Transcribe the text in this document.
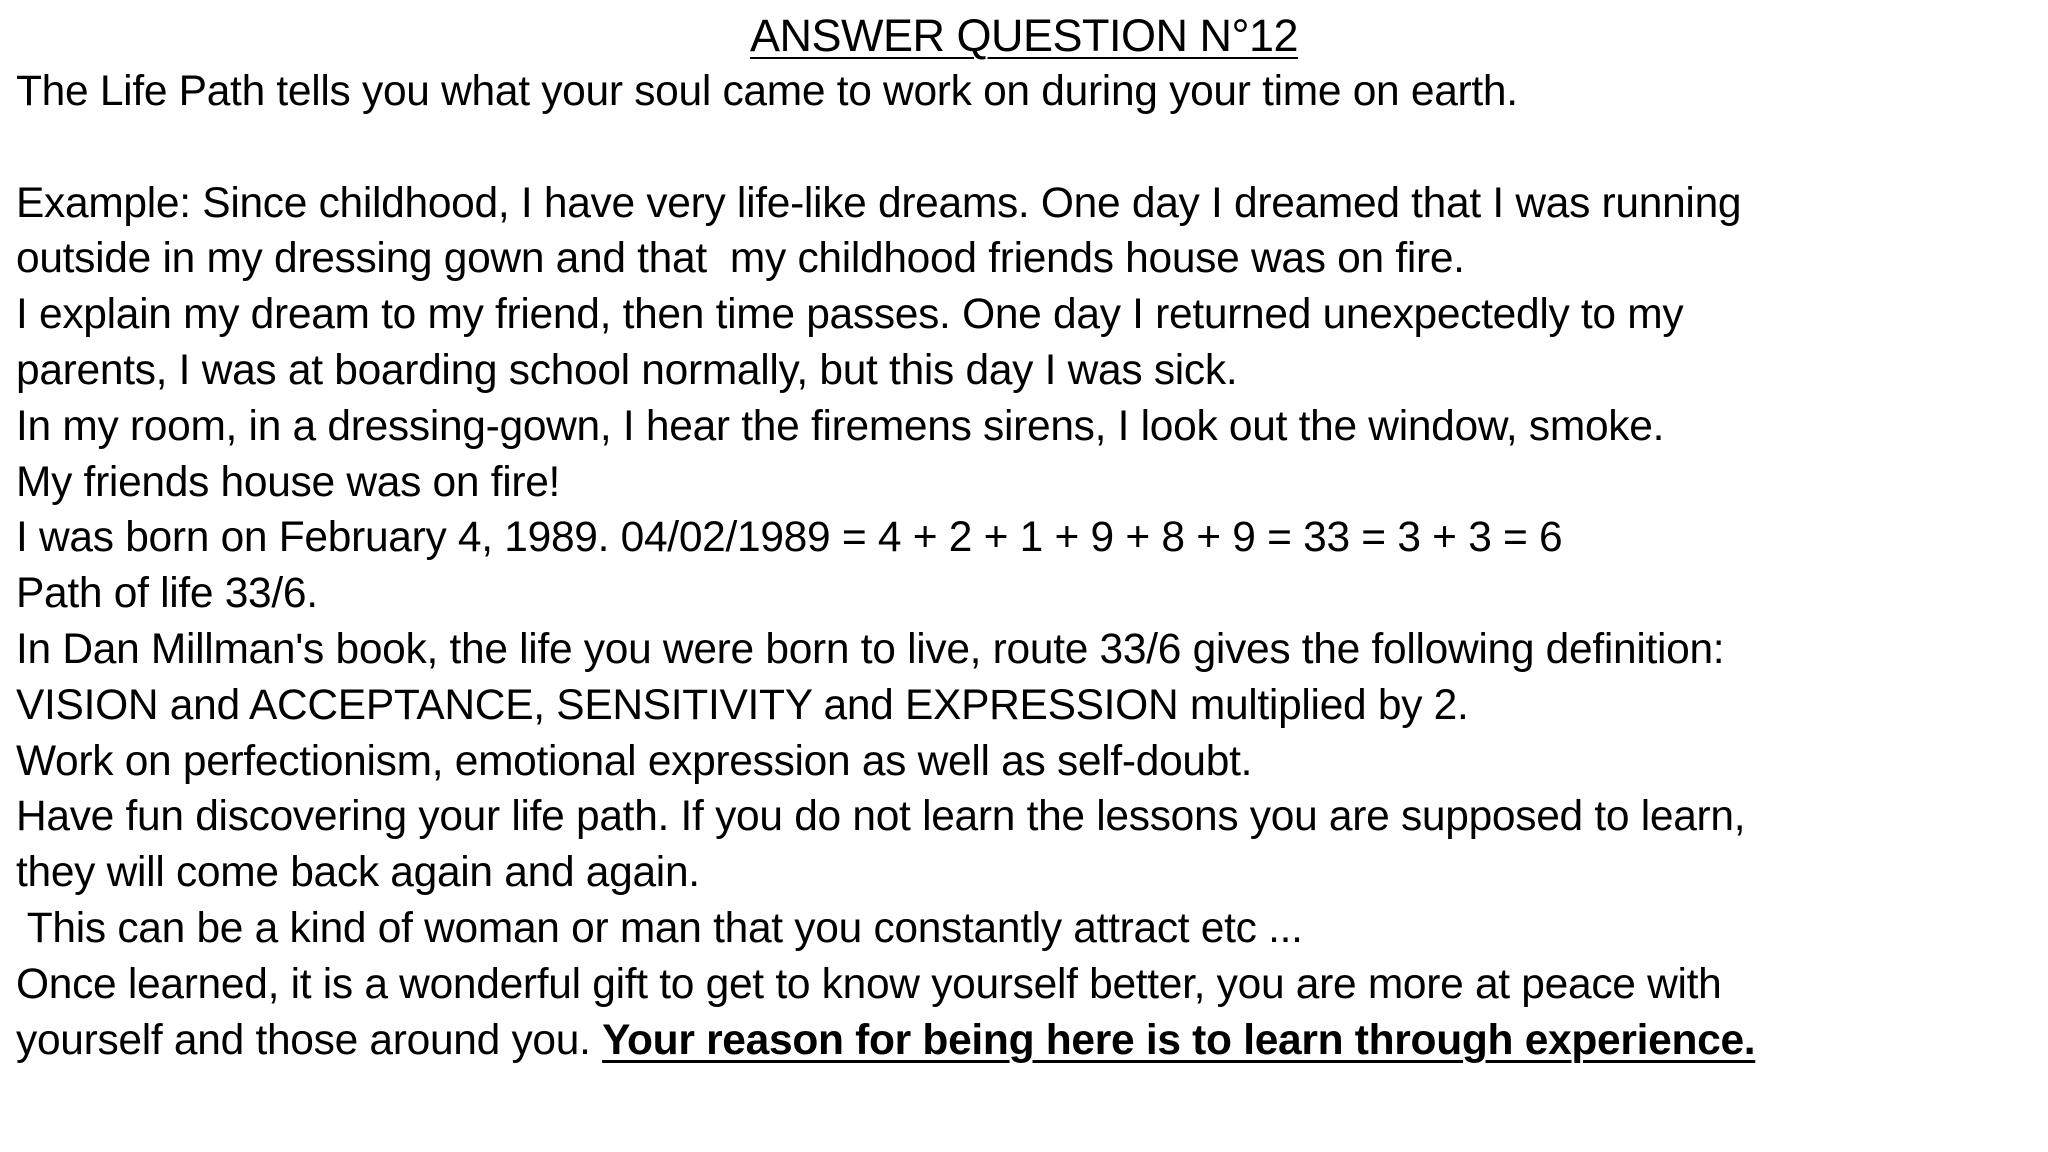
ANSWER QUESTION N°12
The Life Path tells you what your soul came to work on during your time on earth.
Example: Since childhood, I have very life-like dreams. One day I dreamed that I was running
outside in my dressing gown and that  my childhood friends house was on fire.
I explain my dream to my friend, then time passes. One day I returned unexpectedly to my
parents, I was at boarding school normally, but this day I was sick.
In my room, in a dressing-gown, I hear the firemens sirens, I look out the window, smoke.
My friends house was on fire!
I was born on February 4, 1989. 04/02/1989 = 4 + 2 + 1 + 9 + 8 + 9 = 33 = 3 + 3 = 6
Path of life 33/6.
In Dan Millman's book, the life you were born to live, route 33/6 gives the following definition:
VISION and ACCEPTANCE, SENSITIVITY and EXPRESSION multiplied by 2.
Work on perfectionism, emotional expression as well as self-doubt.
Have fun discovering your life path. If you do not learn the lessons you are supposed to learn,
they will come back again and again.
This can be a kind of woman or man that you constantly attract etc ...
Once learned, it is a wonderful gift to get to know yourself better, you are more at peace with
yourself and those around you. Your reason for being here is to learn through experience.
